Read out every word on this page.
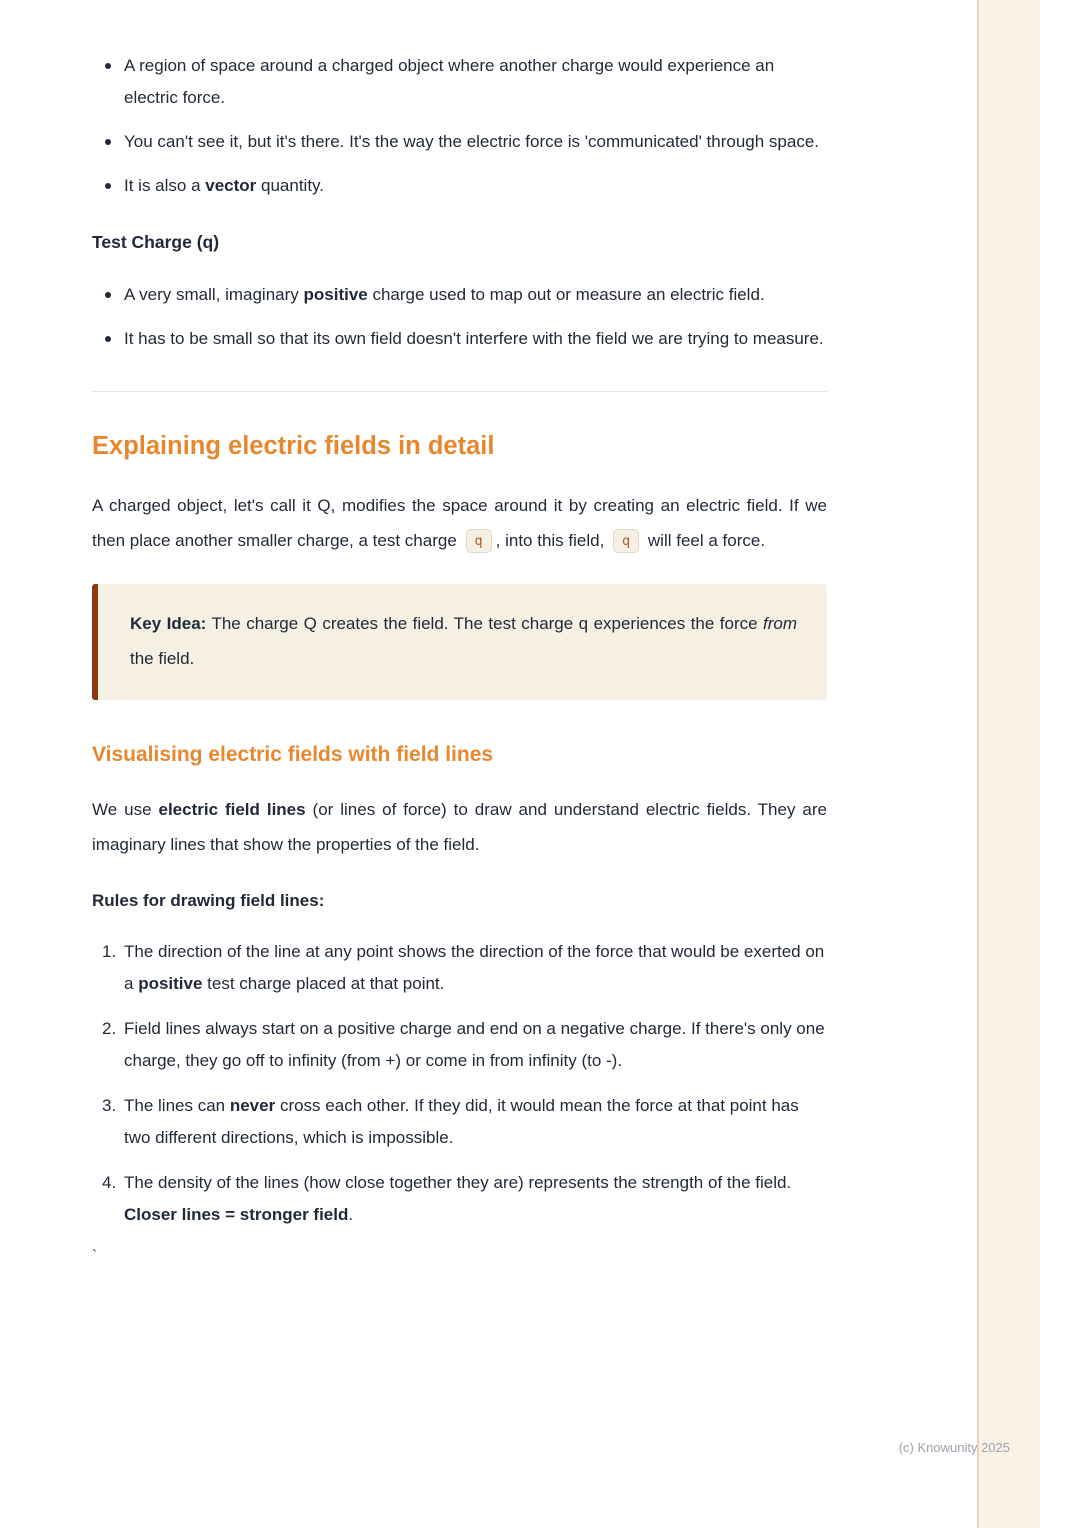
A region of space around a charged object where another charge would experience an electric force.
You can't see it, but it's there. It's the way the electric force is 'communicated' through space.
It is also a vector quantity.
Test Charge (q)
A very small, imaginary positive charge used to map out or measure an electric field.
It has to be small so that its own field doesn't interfere with the field we are trying to measure.
Explaining electric fields in detail

A charged object, let's call it Q, modifies the space around it by creating an electric field. If we then place another smaller charge, a test charge q , into this field, q will feel a force.

Key Idea: The charge Q creates the field. The test charge q experiences the force from the field.

Visualising electric fields with field lines

We use electric field lines (or lines of force) to draw and understand electric fields. They are imaginary lines that show the properties of the field.

Rules for drawing field lines:

1. The direction of the line at any point shows the direction of the force that would be exerted on a positive test charge placed at that point.
2. Field lines always start on a positive charge and end on a negative charge. If there's only one charge, they go off to infinity (from +) or come in from infinity (to -).
3. The lines can never cross each other. If they did, it would mean the force at that point has two different directions, which is impossible.
4. The density of the lines (how close together they are) represents the strength of the field. Closer lines = stronger field.
`
(c) Knowunity 2025
